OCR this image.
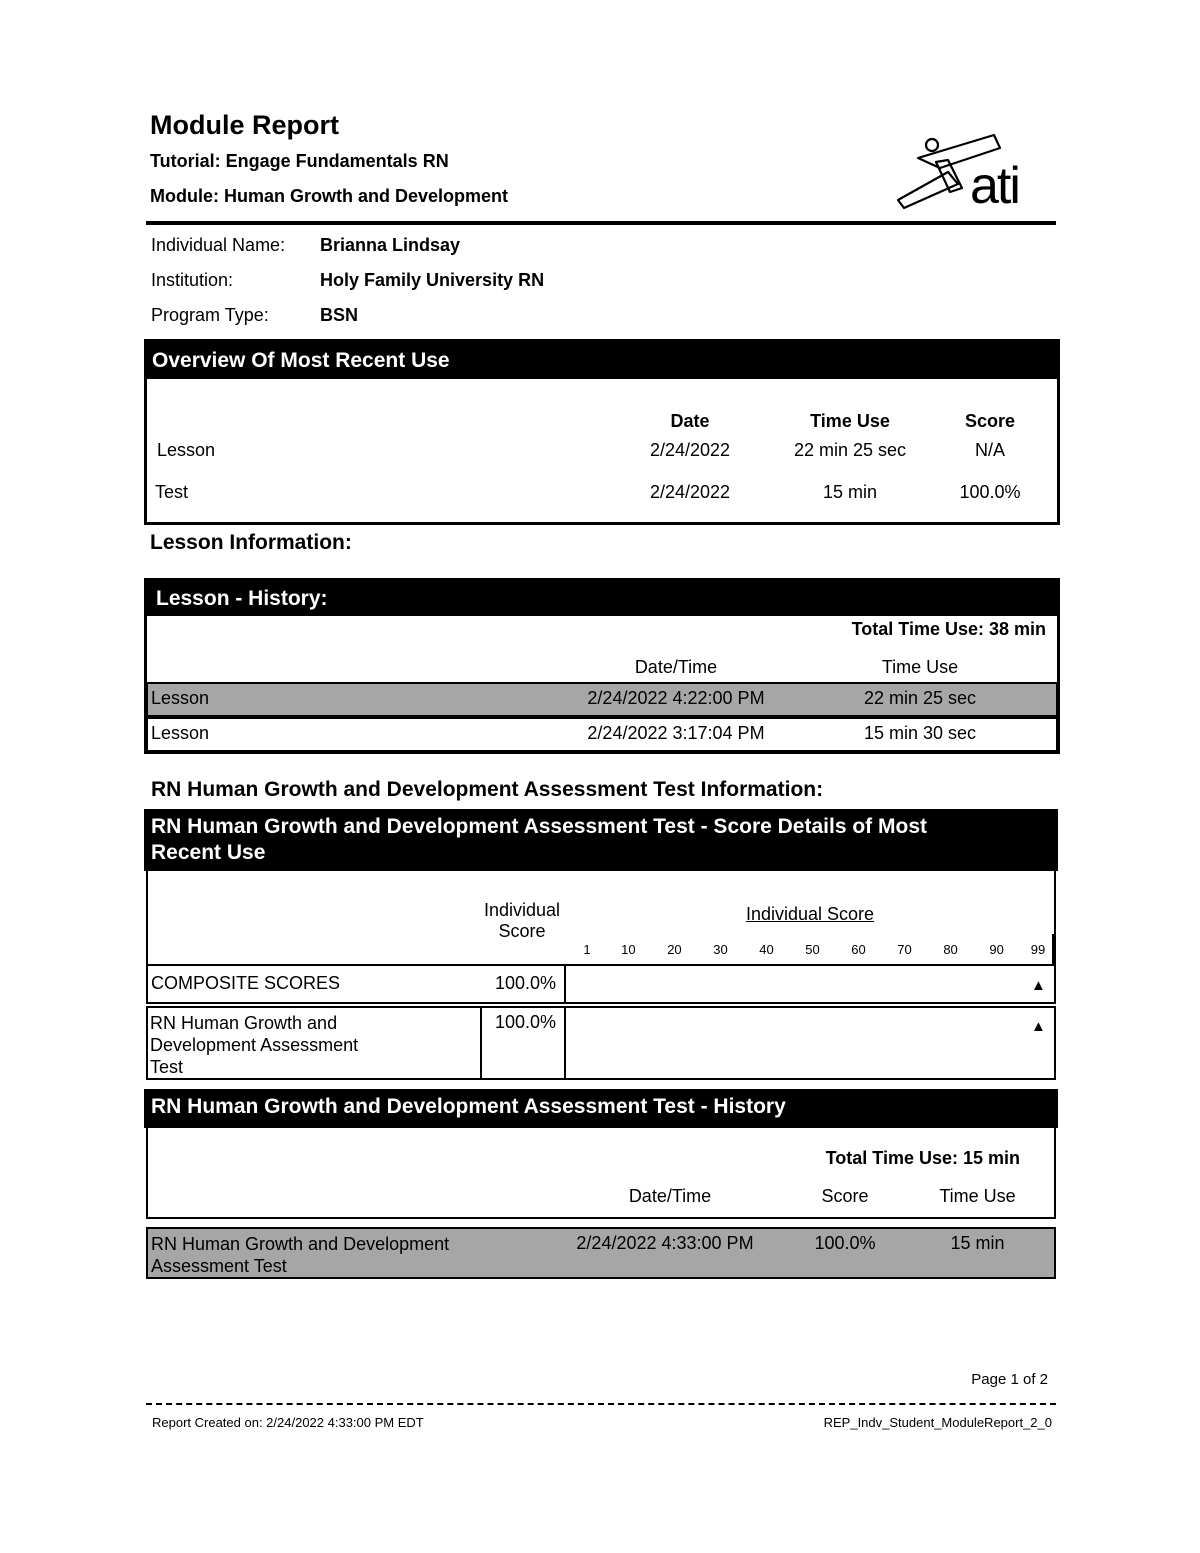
Module Report
Tutorial: Engage Fundamentals RN
Module: Human Growth and Development	ati
Individual Name: Brianna Lindsay
Institution:	Holy Family University RN
Program Type:	BSN
Overview Of Most Recent Use
Date	Time Use	Score
Lesson	2/24/2022	22 min 25 sec	N/A
Test	2/24/2022	15 min	100.0%
Lesson Information:
Lesson - History:
Total Time Use: 38 min
Date/Time	Time Use
Lesson	2/24/2022 4:22:00 PM	22 min 25 sec
Lesson	2/24/2022 3:17:04 PM	15 min 30 sec
RN Human Growth and Development Assessment Test Information:
RN Human Growth and Development Assessment Test - Score Details of Most
Recent Use
Individual
Score
Individual Score
1	10	20	30	40	50	60	70	80	90	99
COMPOSITE SCORES	100.0%	▲
RN Human Growth and
Development Assessment
Test
100.0%	▲
RN Human Growth and Development Assessment Test - History
Total Time Use: 15 min
Date/Time	Score	Time Use
RN Human Growth and Development
Assessment Test
2/24/2022 4:33:00 PM	100.0%	15 min
Page 1 of 2
Report Created on: 2/24/2022 4:33:00 PM EDT	REP_Indv_Student_ModuleReport_2_0
